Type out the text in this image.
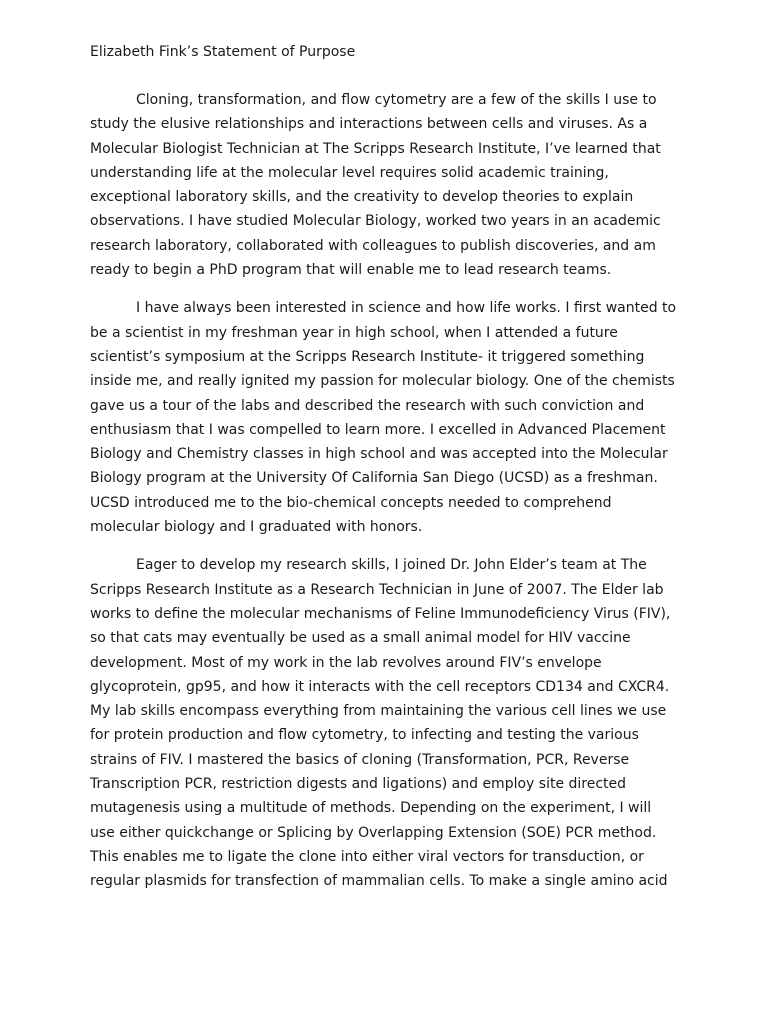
Elizabeth Fink’s Statement of Purpose
Cloning, transformation, and flow cytometry are a few of the skills I use to
study the elusive relationships and interactions between cells and viruses. As a
Molecular Biologist Technician at The Scripps Research Institute, I’ve learned that
understanding life at the molecular level requires solid academic training,
exceptional laboratory skills, and the creativity to develop theories to explain
observations. I have studied Molecular Biology, worked two years in an academic
research laboratory, collaborated with colleagues to publish discoveries, and am
ready to begin a PhD program that will enable me to lead research teams.
I have always been interested in science and how life works. I first wanted to
be a scientist in my freshman year in high school, when I attended a future
scientist’s symposium at the Scripps Research Institute- it triggered something
inside me, and really ignited my passion for molecular biology. One of the chemists
gave us a tour of the labs and described the research with such conviction and
enthusiasm that I was compelled to learn more. I excelled in Advanced Placement
Biology and Chemistry classes in high school and was accepted into the Molecular
Biology program at the University Of California San Diego (UCSD) as a freshman.
UCSD introduced me to the bio-chemical concepts needed to comprehend
molecular biology and I graduated with honors.
Eager to develop my research skills, I joined Dr. John Elder’s team at The
Scripps Research Institute as a Research Technician in June of 2007. The Elder lab
works to define the molecular mechanisms of Feline Immunodeficiency Virus (FIV),
so that cats may eventually be used as a small animal model for HIV vaccine
development. Most of my work in the lab revolves around FIV’s envelope
glycoprotein, gp95, and how it interacts with the cell receptors CD134 and CXCR4.
My lab skills encompass everything from maintaining the various cell lines we use
for protein production and flow cytometry, to infecting and testing the various
strains of FIV. I mastered the basics of cloning (Transformation, PCR, Reverse
Transcription PCR, restriction digests and ligations) and employ site directed
mutagenesis using a multitude of methods. Depending on the experiment, I will
use either quickchange or Splicing by Overlapping Extension (SOE) PCR method.
This enables me to ligate the clone into either viral vectors for transduction, or
regular plasmids for transfection of mammalian cells. To make a single amino acid
